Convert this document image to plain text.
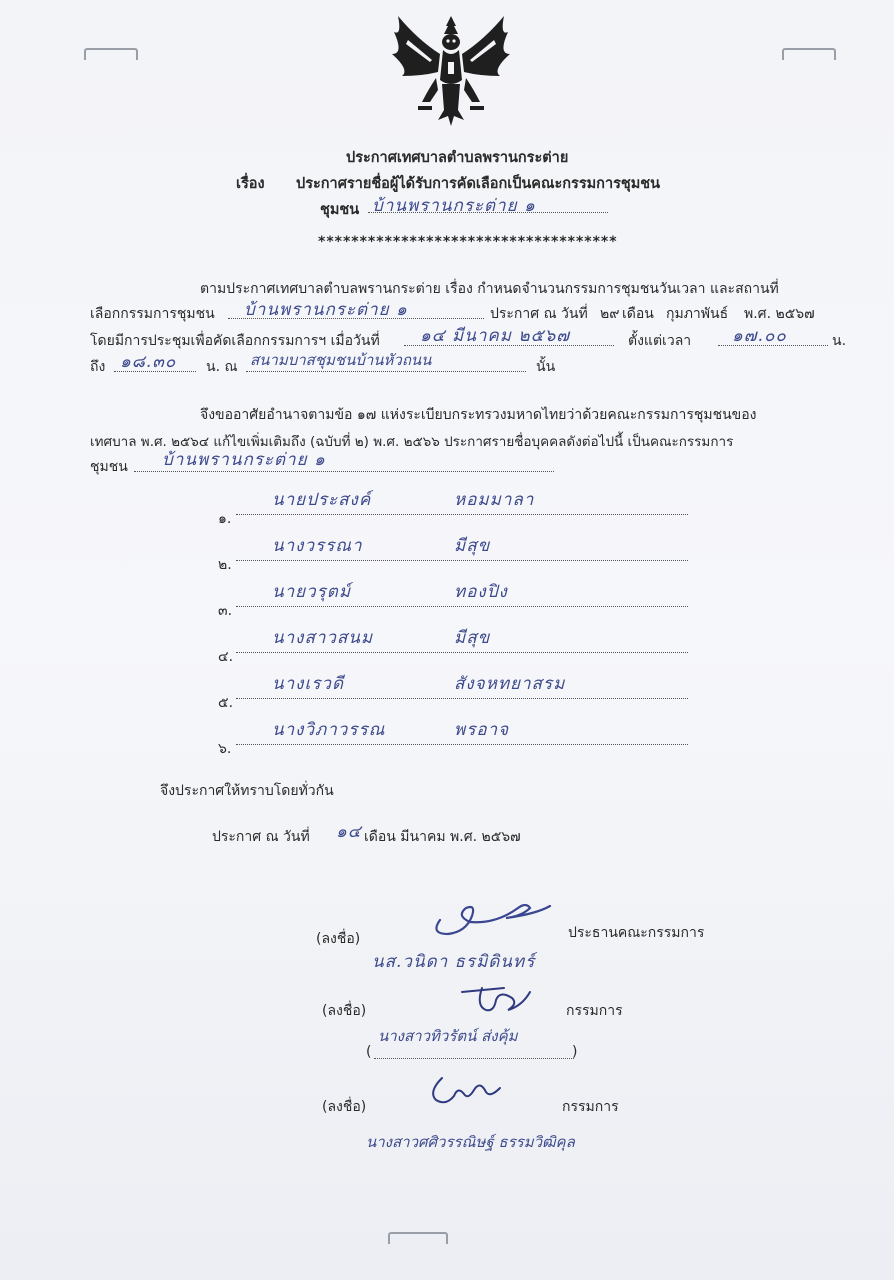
ประกาศเทศบาลตำบลพรานกระต่าย
เรื่อง ประกาศรายชื่อผู้ได้รับการคัดเลือกเป็นคณะกรรมการชุมชน
ชุมชน บ้านพรานกระต่าย ๑
************************************
ตามประกาศเทศบาลตำบลพรานกระต่าย เรื่อง กำหนดจำนวนกรรมการชุมชนวันเวลา และสถานที่
เลือกกรรมการชุมชน บ้านพรานกระต่าย ๑	ประกาศ ณ วันที่ ๒๙ เดือน กุมภาพันธ์ พ.ศ. ๒๕๖๗
โดยมีการประชุมเพื่อคัดเลือกกรรมการฯ เมื่อวันที่ ๑๔ มีนาคม ๒๕๖๗	ตั้งแต่เวลา ๑๗.๐๐	น.
ถึง ๑๘.๓๐ น. ณ สนามบาสชุมชนบ้านหัวถนน	นั้น
จึงขออาศัยอำนาจตามข้อ ๑๗ แห่งระเบียบกระทรวงมหาดไทยว่าด้วยคณะกรรมการชุมชนของ
เทศบาล พ.ศ. ๒๕๖๔ แก้ไขเพิ่มเติมถึง (ฉบับที่ ๒) พ.ศ. ๒๕๖๖ ประกาศรายชื่อบุคคลดังต่อไปนี้ เป็นคณะกรรมการ
ชุมชน บ้านพรานกระต่าย ๑
๑.
นายประสงค์	หอมมาลา
๒.
นางวรรณา	มีสุข
๓.
นายวรุตม์	ทองปิง
๔.
นางสาวสนม	มีสุข
๕.
นางเรวดี	สังจหทยาสรม
๖.
นางวิภาวรรณ	พรอาจ
จึงประกาศให้ทราบโดยทั่วกัน
ประกาศ ณ วันที่ ๑๔ เดือน มีนาคม พ.ศ. ๒๕๖๗
(ลงชื่อ)	ประธานคณะกรรมการ
นส.วนิดา ธรมิดินทร์
(ลงชื่อ)	กรรมการ
(	)
นางสาวทิวรัตน์ ส่งคุ้ม
(ลงชื่อ)	กรรมการ
นางสาวศศิวรรณิษฐ์ ธรรมวิฒิคุล
